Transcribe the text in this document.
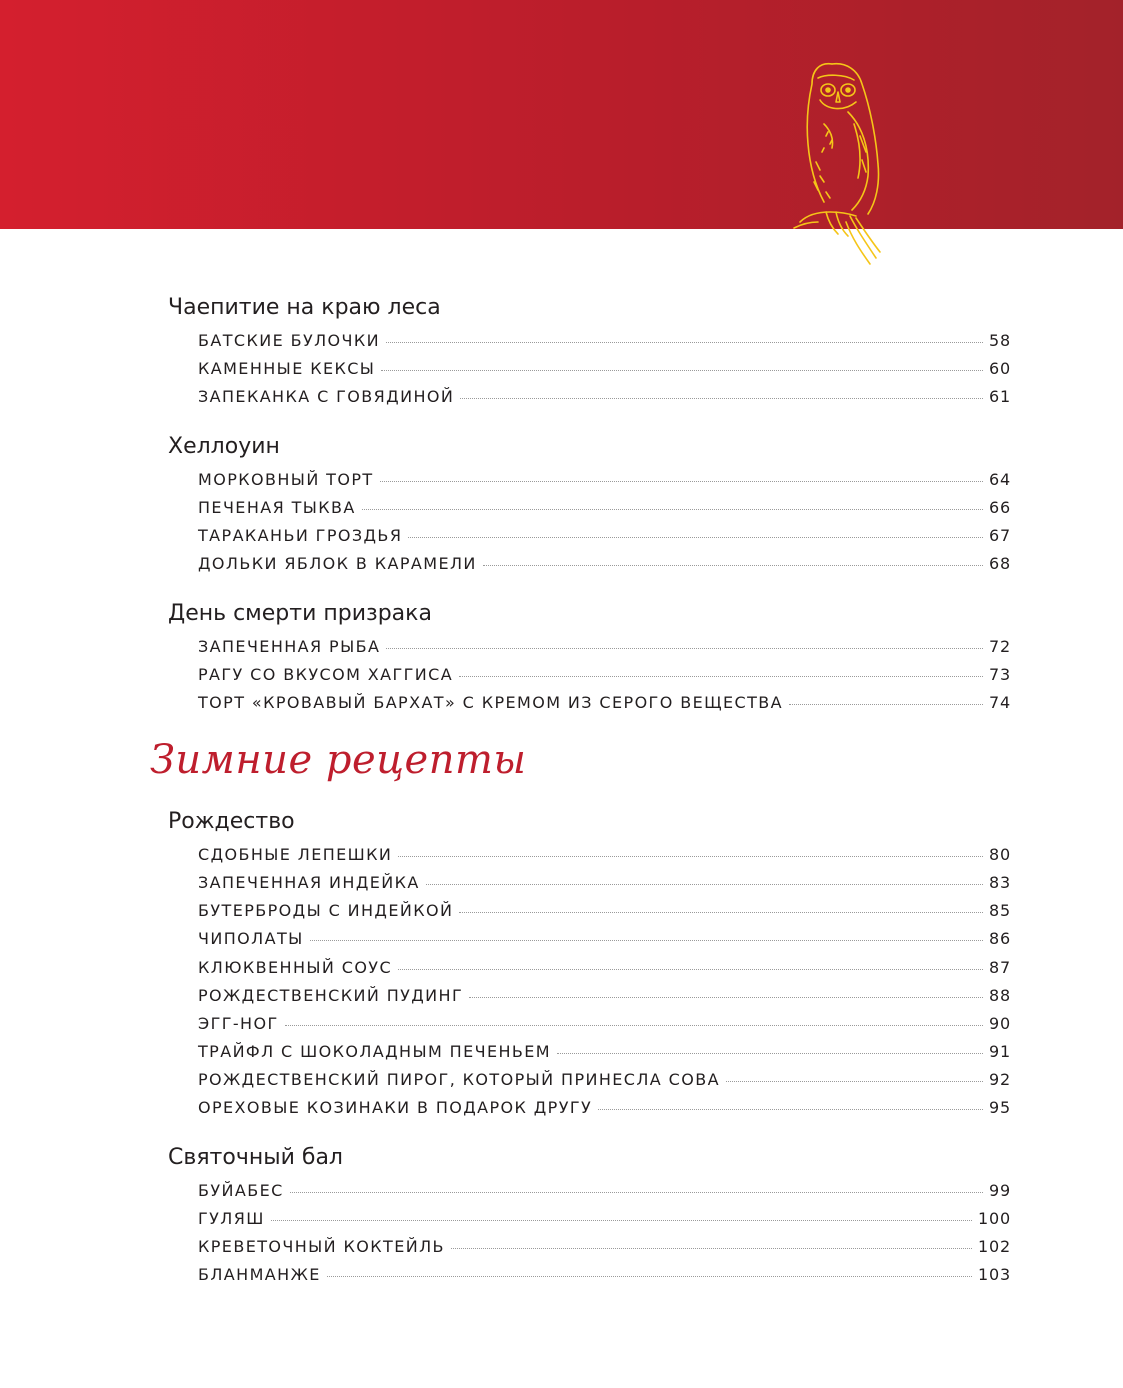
Чаепитие на краю леса
БАТСКИЕ БУЛОЧКИ	58
КАМЕННЫЕ КЕКСЫ	60
ЗАПЕКАНКА С ГОВЯДИНОЙ	61
Хеллоуин
МОРКОВНЫЙ ТОРТ	64
ПЕЧЕНАЯ ТЫКВА	66
ТАРАКАНЬИ ГРОЗДЬЯ	67
ДОЛЬКИ ЯБЛОК В КАРАМЕЛИ	68
День смерти призрака
ЗАПЕЧЕННАЯ РЫБА	72
РАГУ СО ВКУСОМ ХАГГИСА	73
ТОРТ «КРОВАВЫЙ БАРХАТ» С КРЕМОМ ИЗ СЕРОГО ВЕЩЕСТВА	74
Зимние рецепты
Рождество
СДОБНЫЕ ЛЕПЕШКИ	80
ЗАПЕЧЕННАЯ ИНДЕЙКА	83
БУТЕРБРОДЫ С ИНДЕЙКОЙ	85
ЧИПОЛАТЫ	86
КЛЮКВЕННЫЙ СОУС	87
РОЖДЕСТВЕНСКИЙ ПУДИНГ	88
ЭГГ-НОГ	90
ТРАЙФЛ С ШОКОЛАДНЫМ ПЕЧЕНЬЕМ	91
РОЖДЕСТВЕНСКИЙ ПИРОГ, КОТОРЫЙ ПРИНЕСЛА СОВА	92
ОРЕХОВЫЕ КОЗИНАКИ В ПОДАРОК ДРУГУ	95
Святочный бал
БУЙАБЕС	99
ГУЛЯШ	100
КРЕВЕТОЧНЫЙ КОКТЕЙЛЬ	102
БЛАНМАНЖЕ	103
